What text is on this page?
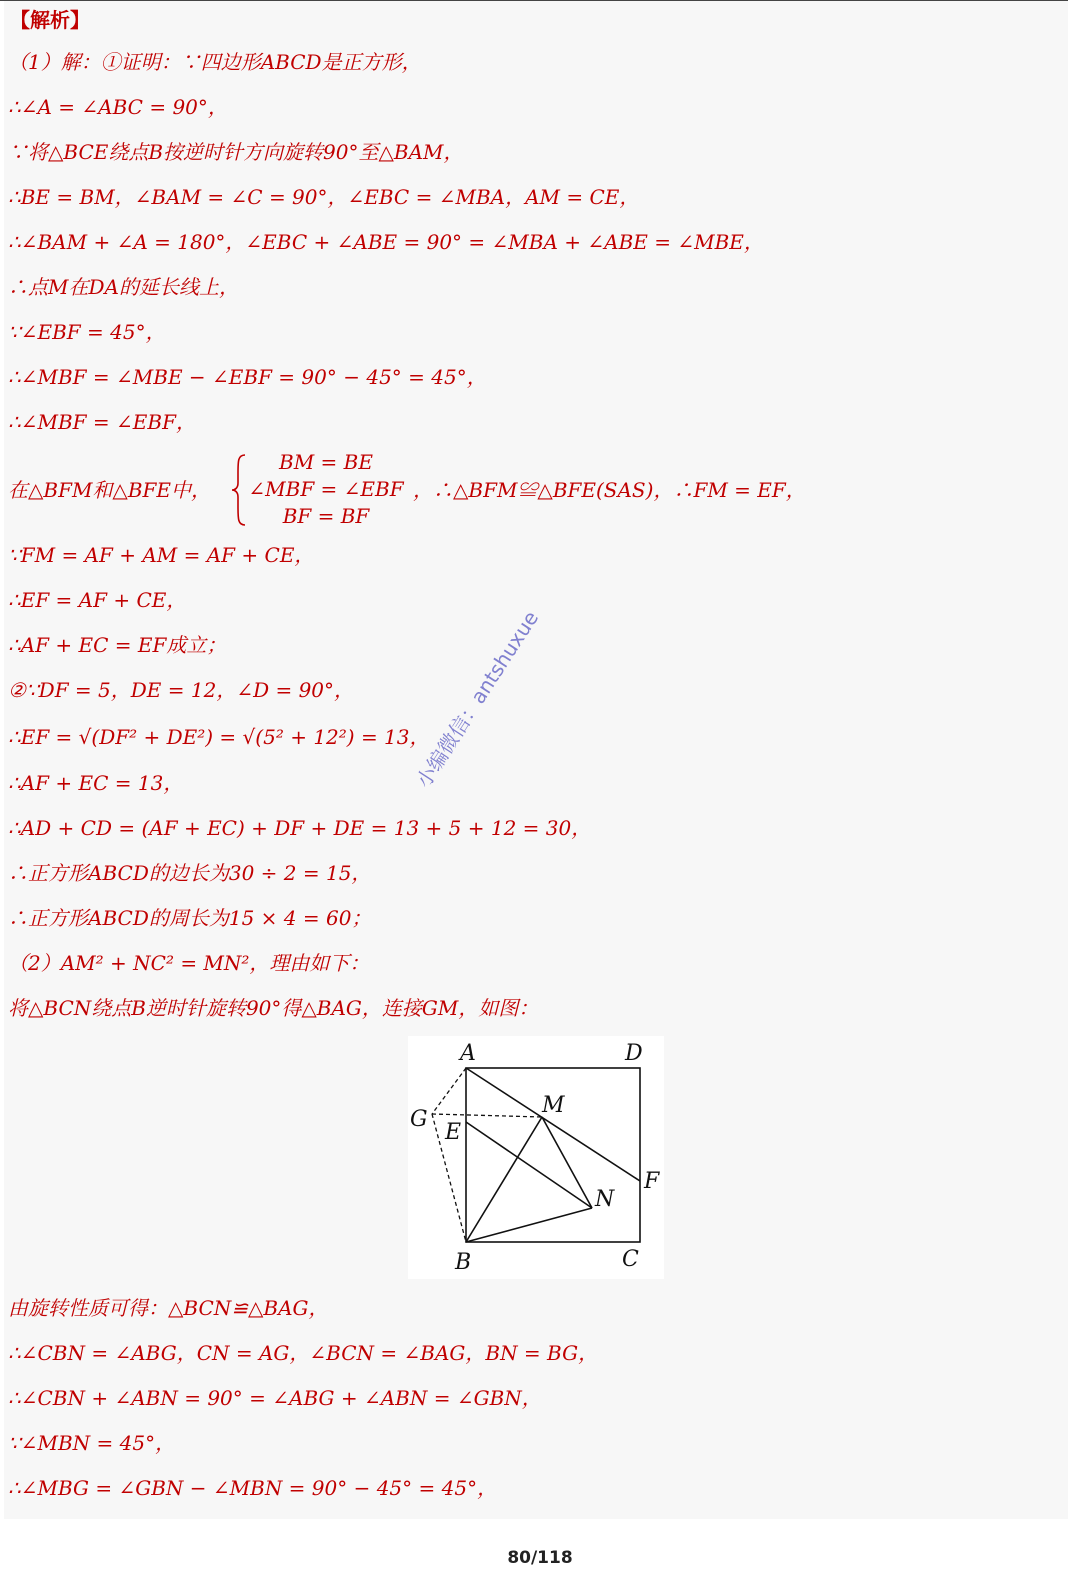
【解析】
（1）解：①证明：∵四边形ABCD是正方形，
∴∠A = ∠ABC = 90°，
∵将△BCE绕点B按逆时针方向旋转90°至△BAM，
∴BE = BM，∠BAM = ∠C = 90°，∠EBC = ∠MBA，AM = CE，
∴∠BAM + ∠A = 180°，∠EBC + ∠ABE = 90° = ∠MBA + ∠ABE = ∠MBE，
∴点M在DA的延长线上，
∵∠EBF = 45°，
∴∠MBF = ∠MBE − ∠EBF = 90° − 45° = 45°，
∴∠MBF = ∠EBF，
在△BFM和△BFE中，
BM = BE
∠MBF = ∠EBF
BF = BF
，∴△BFM≌△BFE(SAS)，∴FM = EF，
∵FM = AF + AM = AF + CE，
∴EF = AF + CE，
∴AF + EC = EF成立；
②∵DF = 5，DE = 12，∠D = 90°，
∴EF = √(DF² + DE²) = √(5² + 12²) = 13，
∴AF + EC = 13，
∴AD + CD = (AF + EC) + DF + DE = 13 + 5 + 12 = 30，
∴正方形ABCD的边长为30 ÷ 2 = 15，
∴正方形ABCD的周长为15 × 4 = 60；
（2）AM² + NC² = MN²，理由如下：
将△BCN绕点B逆时针旋转90°得△BAG，连接GM，如图：
A	D
G
E
M
F
N
B	C
由旋转性质可得：△BCN≌△BAG，
∴∠CBN = ∠ABG，CN = AG，∠BCN = ∠BAG，BN = BG，
∴∠CBN + ∠ABN = 90° = ∠ABG + ∠ABN = ∠GBN，
∵∠MBN = 45°，
∴∠MBG = ∠GBN − ∠MBN = 90° − 45° = 45°，
小编微信：antshuxue
80/118
